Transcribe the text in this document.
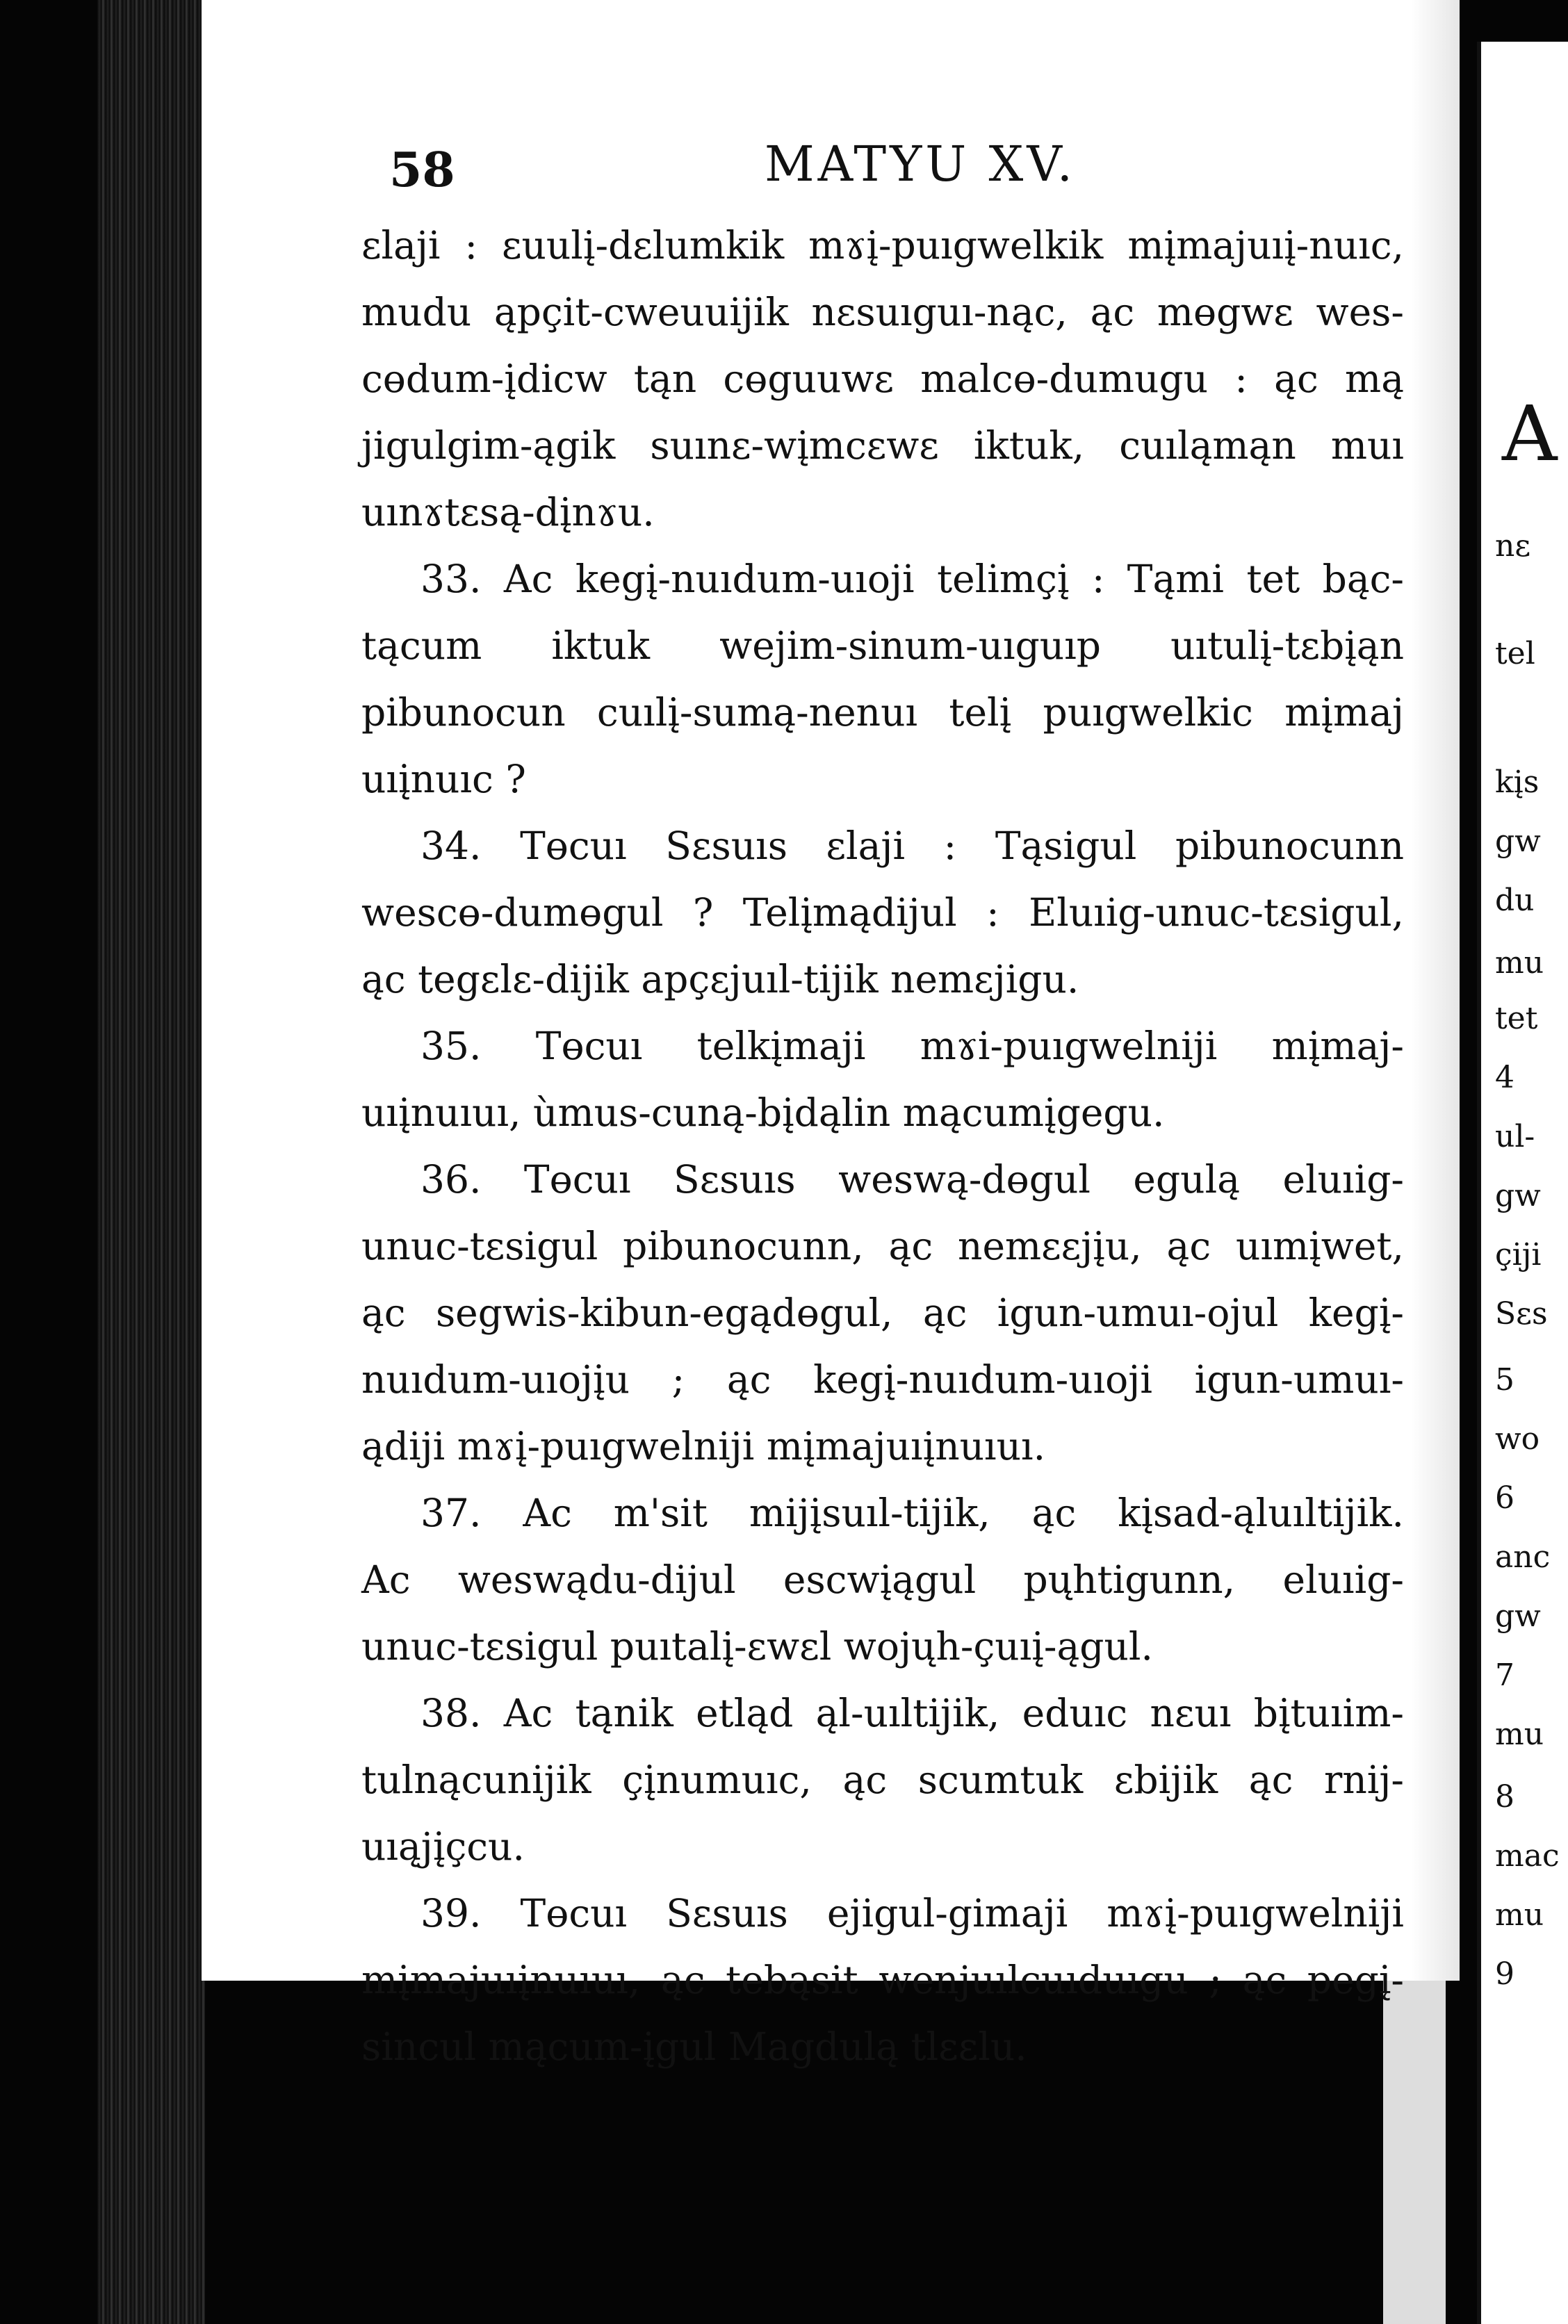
A
nɛ
tel
kįs
gw
du
mu
tet
4
ul-
gw
çiji
Sɛs
5
wo
6
anc
gw
7
mu
8
mac
mu
9
58	MATYU XV.
ɛlaji : ɛuulį-dɛlumkik mɤį-puıgwelkik mįmajuıį-nuıc,
mudu ąpçit-cweuuijik nɛsuıguı-nąc, ąc mɵgwɛ wes-
cɵdum-įdicw tąn cɵguuwɛ malcɵ-dumugu : ąc mą
jigulgim-ągik suınɛ-wįmcɛwɛ iktuk, cuıląmąn muı
uınɤtɛsą-dįnɤu.
33. Ac kegį-nuıdum-uıoji telimçį : Tąmi tet bąc-
tącum iktuk wejim-sinum-uıguıp uıtulį-tɛbįąn
pibunocun cuılį-sumą-nenuı telį puıgwelkic mįmaj
uıįnuıc ?
34. Tɵcuı Sɛsuıs ɛlaji : Tąsigul pibunocunn
wescɵ-dumɵgul ? Telįmądijul : Eluıig-unuc-tɛsigul,
ąc tegɛlɛ-dijik apçɛjuıl-tijik nemɛjigu.
35. Tɵcuı telkįmaji mɤi-puıgwelniji mįmaj-
uıįnuıuı, ùmus-cuną-bįdąlin mącumįgegu.
36. Tɵcuı Sɛsuıs weswą-dɵgul egulą eluıig-
unuc-tɛsigul pibunocunn, ąc nemɛɛjįu, ąc uımįwet,
ąc segwis-kibun-egądɵgul, ąc igun-umuı-ojul kegį-
nuıdum-uıojįu ; ąc kegį-nuıdum-uıoji igun-umuı-
ądiji mɤį-puıgwelniji mįmajuıįnuıuı.
37. Ac m'sit mijįsuıl-tijik, ąc kįsad-ąluıltijik.
Ac weswądu-dijul escwįągul pųhtigunn, eluıig-
unuc-tɛsigul puıtalį-ɛwɛl wojųh-çuıį-ągul.
38. Ac tąnik etląd ąl-uıltijik, eduıc nɛuı bįtuıim-
tulnącunijik çįnumuıc, ąc scumtuk ɛbijik ąc rnij-
uıąjįçcu.
39. Tɵcuı Sɛsuıs ejigul-gimaji mɤį-puıgwelniji
mįmajuıįnuıuı, ąc tebąsit wenjuılcuıduıgu ; ąc pegį-
sincul mącum-įgul Magdulą tlɛɛlu.
